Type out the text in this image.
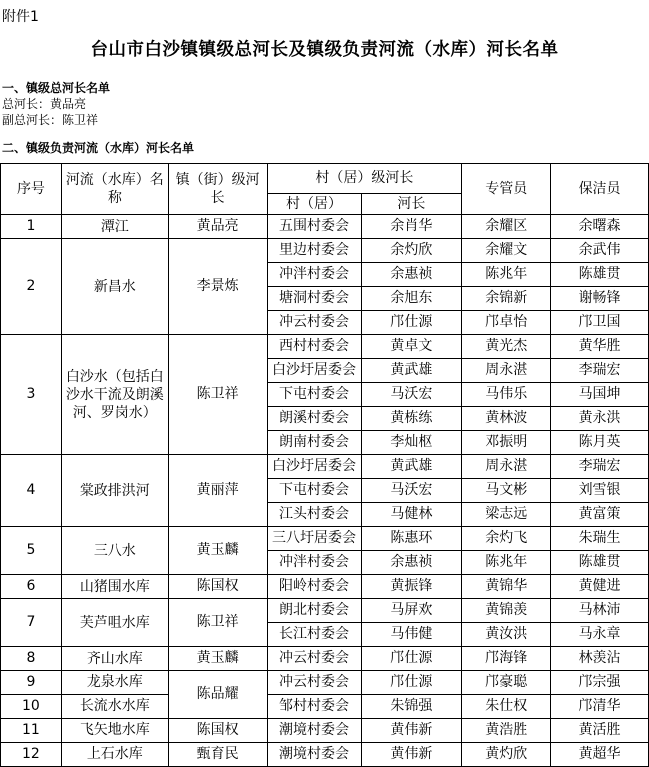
附件1
台山市白沙镇镇级总河长及镇级负责河流（水库）河长名单
一、镇级总河长名单
总河长：黄品亮
副总河长：陈卫祥
二、镇级负责河流（水库）河长名单
序号	河流（水库）名称	镇（街）级河长	村（居）级河长		专管员	保洁员
			村（居）	河长		
1	潭江	黄品亮	五围村委会	余肖华	余耀区	余曙森
2	新昌水	李景炼	里边村委会	余灼欣	余耀文	余武伟
			冲泮村委会	余惠祯	陈兆年	陈雄贯
			塘洞村委会	余旭东	余锦新	谢畅锋
			冲云村委会	邝仕源	邝卓怡	邝卫国
3	白沙水（包括白沙水干流及朗溪河、罗岗水）	陈卫祥	西村村委会	黄卓文	黄光杰	黄华胜
			白沙圩居委会	黄武雄	周永湛	李瑞宏
			下屯村委会	马沃宏	马伟乐	马国坤
			朗溪村委会	黄栋练	黄林波	黄永洪
			朗南村委会	李灿枢	邓振明	陈月英
4	棠政排洪河	黄丽萍	白沙圩居委会	黄武雄	周永湛	李瑞宏
			下屯村委会	马沃宏	马文彬	刘雪银
			江头村委会	马健林	梁志远	黄富策
5	三八水	黄玉麟	三八圩居委会	陈惠环	余灼飞	朱瑞生
			冲泮村委会	余惠祯	陈兆年	陈雄贯
6	山猪围水库	陈国权	阳岭村委会	黄振锋	黄锦华	黄健进
7	芙芦咀水库	陈卫祥	朗北村委会	马屏欢	黄锦羡	马林沛
			长江村委会	马伟健	黄汝洪	马永章
8	齐山水库	黄玉麟	冲云村委会	邝仕源	邝海锋	林羡沾
9	龙泉水库	陈品耀	冲云村委会	邝仕源	邝豪聪	邝宗强
10	长流水水库		邹村村委会	朱锦强	朱仕权	邝清华
11	飞矢地水库	陈国权	潮境村委会	黄伟新	黄浩胜	黄活胜
12	上石水库	甄育民	潮境村委会	黄伟新	黄灼欣	黄超华
